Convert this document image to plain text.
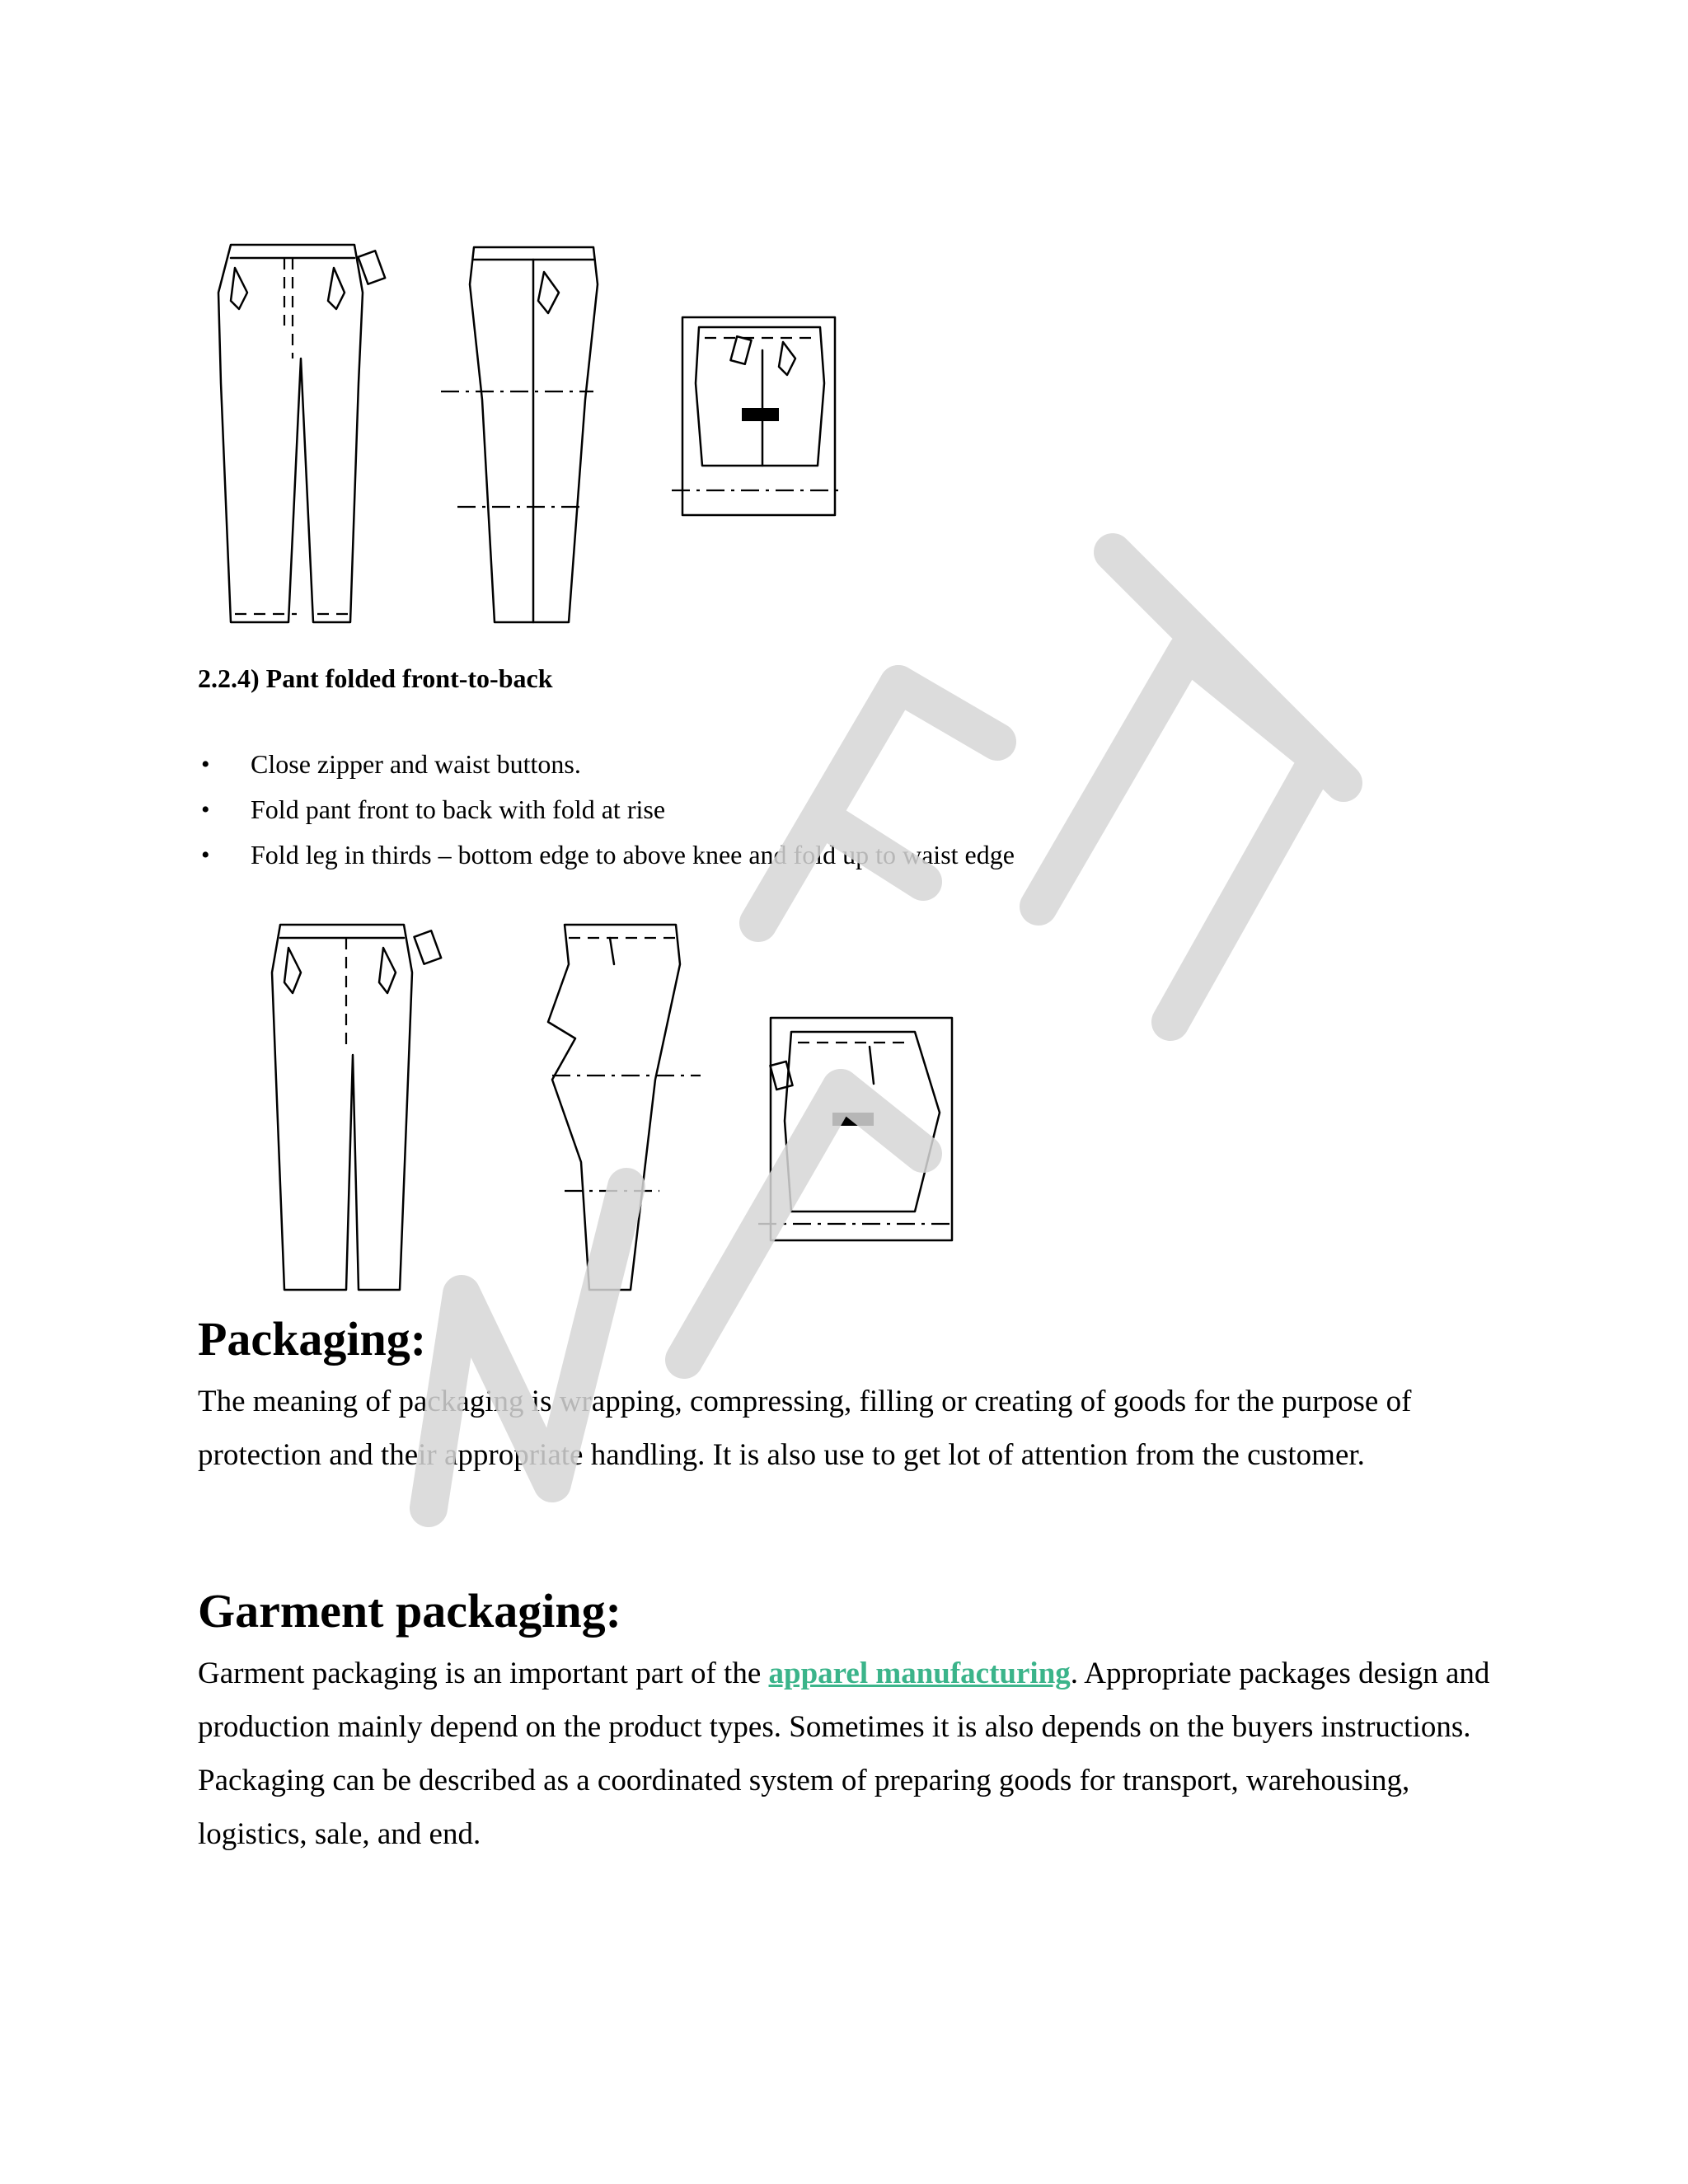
2.2.4) Pant folded front-to-back

• Close zipper and waist buttons.
• Fold pant front to back with fold at rise
• Fold leg in thirds – bottom edge to above knee and fold up to waist edge
Packaging:

The meaning of packaging is wrapping, compressing, filling or creating of goods for the purpose of protection and their appropriate handling. It is also use to get lot of attention from the customer.

Garment packaging:

Garment packaging is an important part of the apparel manufacturing. Appropriate packages design and production mainly depend on the product types. Sometimes it is also depends on the buyers instructions. Packaging can be described as a coordinated system of preparing goods for transport, warehousing, logistics, sale, and end.
